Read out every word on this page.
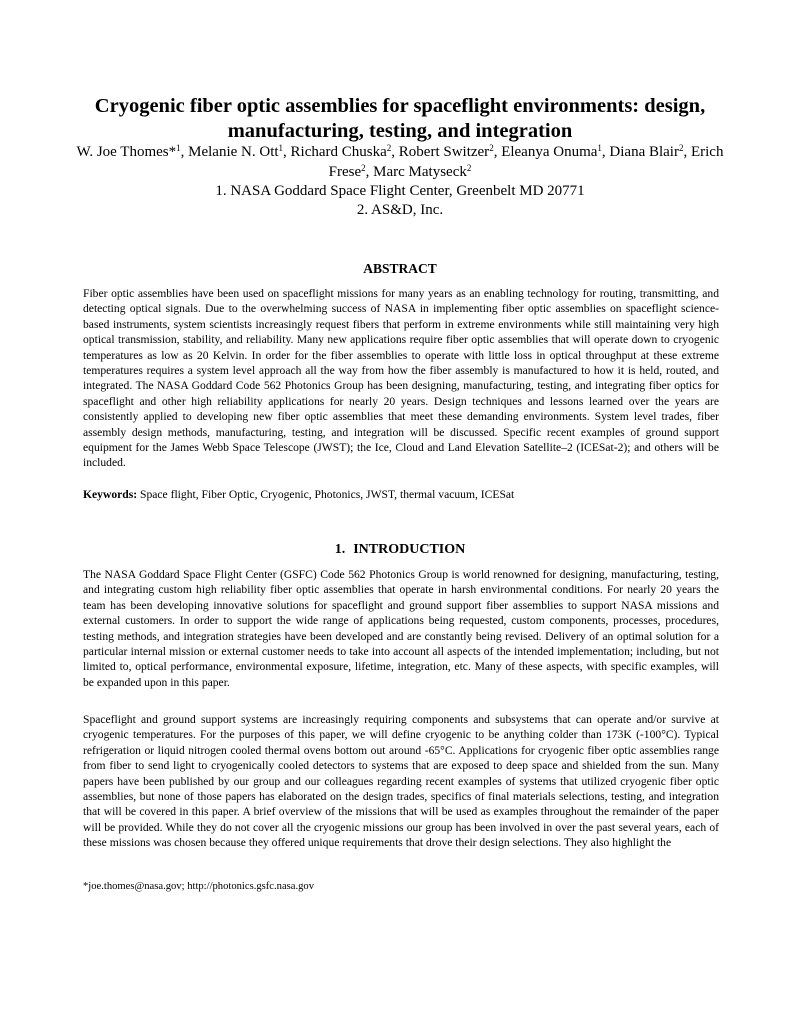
Cryogenic fiber optic assemblies for spaceflight environments: design, manufacturing, testing, and integration

W. Joe Thomes*$^1$, Melanie N. Ott$^1$, Richard Chuska$^2$, Robert Switzer$^2$, Eleanya Onuma$^1$, Diana Blair$^2$, Erich Frese$^2$, Marc Matyseck$^2$

1. NASA Goddard Space Flight Center, Greenbelt MD 20771

2. AS&D, Inc.

ABSTRACT

Fiber optic assemblies have been used on spaceflight missions for many years as an enabling technology for routing, transmitting, and detecting optical signals. Due to the overwhelming success of NASA in implementing fiber optic assemblies on spaceflight science-based instruments, system scientists increasingly request fibers that perform in extreme environments while still maintaining very high optical transmission, stability, and reliability. Many new applications require fiber optic assemblies that will operate down to cryogenic temperatures as low as 20 Kelvin. In order for the fiber assemblies to operate with little loss in optical throughput at these extreme temperatures requires a system level approach all the way from how the fiber assembly is manufactured to how it is held, routed, and integrated. The NASA Goddard Code 562 Photonics Group has been designing, manufacturing, testing, and integrating fiber optics for spaceflight and other high reliability applications for nearly 20 years. Design techniques and lessons learned over the years are consistently applied to developing new fiber optic assemblies that meet these demanding environments. System level trades, fiber assembly design methods, manufacturing, testing, and integration will be discussed. Specific recent examples of ground support equipment for the James Webb Space Telescope (JWST); the Ice, Cloud and Land Elevation Satellite–2 (ICESat-2); and others will be included.

Keywords: Space flight, Fiber Optic, Cryogenic, Photonics, JWST, thermal vacuum, ICESat

1. INTRODUCTION

The NASA Goddard Space Flight Center (GSFC) Code 562 Photonics Group is world renowned for designing, manufacturing, testing, and integrating custom high reliability fiber optic assemblies that operate in harsh environmental conditions. For nearly 20 years the team has been developing innovative solutions for spaceflight and ground support fiber assemblies to support NASA missions and external customers. In order to support the wide range of applications being requested, custom components, processes, procedures, testing methods, and integration strategies have been developed and are constantly being revised. Delivery of an optimal solution for a particular internal mission or external customer needs to take into account all aspects of the intended implementation; including, but not limited to, optical performance, environmental exposure, lifetime, integration, etc. Many of these aspects, with specific examples, will be expanded upon in this paper.

Spaceflight and ground support systems are increasingly requiring components and subsystems that can operate and/or survive at cryogenic temperatures. For the purposes of this paper, we will define cryogenic to be anything colder than 173K (-100°C). Typical refrigeration or liquid nitrogen cooled thermal ovens bottom out around -65°C. Applications for cryogenic fiber optic assemblies range from fiber to send light to cryogenically cooled detectors to systems that are exposed to deep space and shielded from the sun. Many papers have been published by our group and our colleagues regarding recent examples of systems that utilized cryogenic fiber optic assemblies, but none of those papers has elaborated on the design trades, specifics of final materials selections, testing, and integration that will be covered in this paper. A brief overview of the missions that will be used as examples throughout the remainder of the paper will be provided. While they do not cover all the cryogenic missions our group has been involved in over the past several years, each of these missions was chosen because they offered unique requirements that drove their design selections. They also highlight the

*joe.thomes@nasa.gov; http://photonics.gsfc.nasa.gov
